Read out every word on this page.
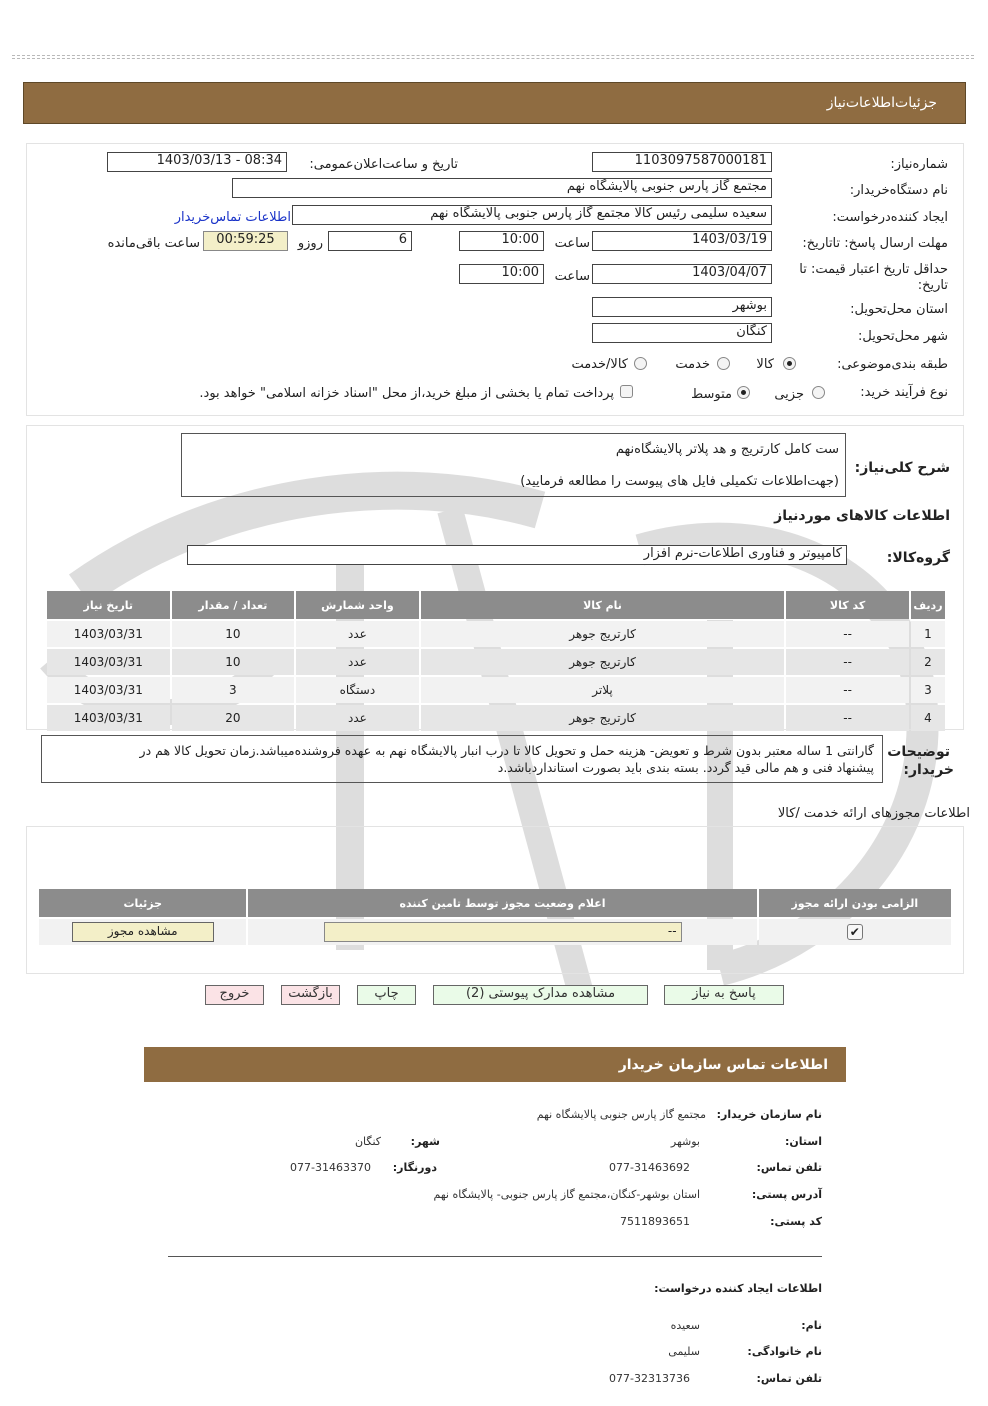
جزئیات‌اطلاعات‌نیاز
شماره‌نیاز:
1103097587000181
تاریخ و ساعت‌اعلان‌عمومی:
1403/03/13 - 08:34
نام دستگاه‌خریدار:
مجتمع گاز پارس جنوبی پالایشگاه نهم
ایجاد کننده‌درخواست:
سعیده سلیمی رئیس کالا مجتمع گاز پارس جنوبی پالایشگاه نهم
اطلاعات تماس‌خریدار
مهلت ارسال پاسخ: تاتاریخ:
1403/03/19
ساعت
10:00
6
روزو
00:59:25
ساعت باقی‌مانده
حداقل تاریخ اعتبار قیمت: تا تاریخ:
1403/04/07
ساعت
10:00
استان محل‌تحویل:
بوشهر
شهر محل‌تحویل:
کنگان
طبقه بندی‌موضوعی:
کالا
خدمت
کالا/خدمت
نوع فرآیند خرید:
جزیی
متوسط
پرداخت تمام یا بخشی از مبلغ خرید،از محل "اسناد خزانه اسلامی" خواهد بود.
شرح کلی‌نیاز:
ست کامل کارتریج و هد پلاتر پالایشگاه‌نهم
(جهت‌اطلاعات تکمیلی فایل های پیوست را مطالعه فرمایید)
اطلاعات کالاهای مورد‌نیاز
گروه‌کالا:
کامپیوتر و فناوری اطلاعات-نرم افزار
ردیف	کد کالا	نام کالا	واحد شمارش	تعداد / مقدار	تاریخ نیاز
1	--	کارتریج جوهر	عدد	10	1403/03/31
2	--	کارتریج جوهر	عدد	10	1403/03/31
3	--	پلاتر	دستگاه	3	1403/03/31
4	--	کارتریج جوهر	عدد	20	1403/03/31
توضیحات
خریدار:
گارانتی 1 ساله معتبر بدون شرط و تعویض- هزینه حمل و تحویل کالا تا درب انبار پالایشگاه نهم به عهده فروشنده‌میباشد.زمان تحویل کالا هم در
پیشنهاد فنی و هم مالی قید گردد. بسته بندی باید بصورت استاندارد‌باشد.د
اطلاعات مجوزهای ارائه خدمت /کالا
الزامی بودن ارائه مجوز	اعلام وضعیت مجوز توسط تامین کننده	جزئیات
✔	--	مشاهده مجوز
پاسخ به نیاز
مشاهده مدارک پیوستی (2)
چاپ
بازگشت
خروج
اطلاعات تماس سازمان خریدار
نام سازمان خریدار:
مجتمع گاز پارس جنوبی پالایشگاه نهم
استان:
بوشهر
شهر:
کنگان
تلفن تماس:
077-31463692
دورنگار:
077-31463370
آدرس پستی:
استان بوشهر-کنگان،مجتمع گاز پارس جنوبی- پالایشگاه نهم
کد پستی:
7511893651
اطلاعات ایجاد کننده درخواست:
نام:
سعیده
نام خانوادگی:
سلیمی
تلفن تماس:
077-32313736
